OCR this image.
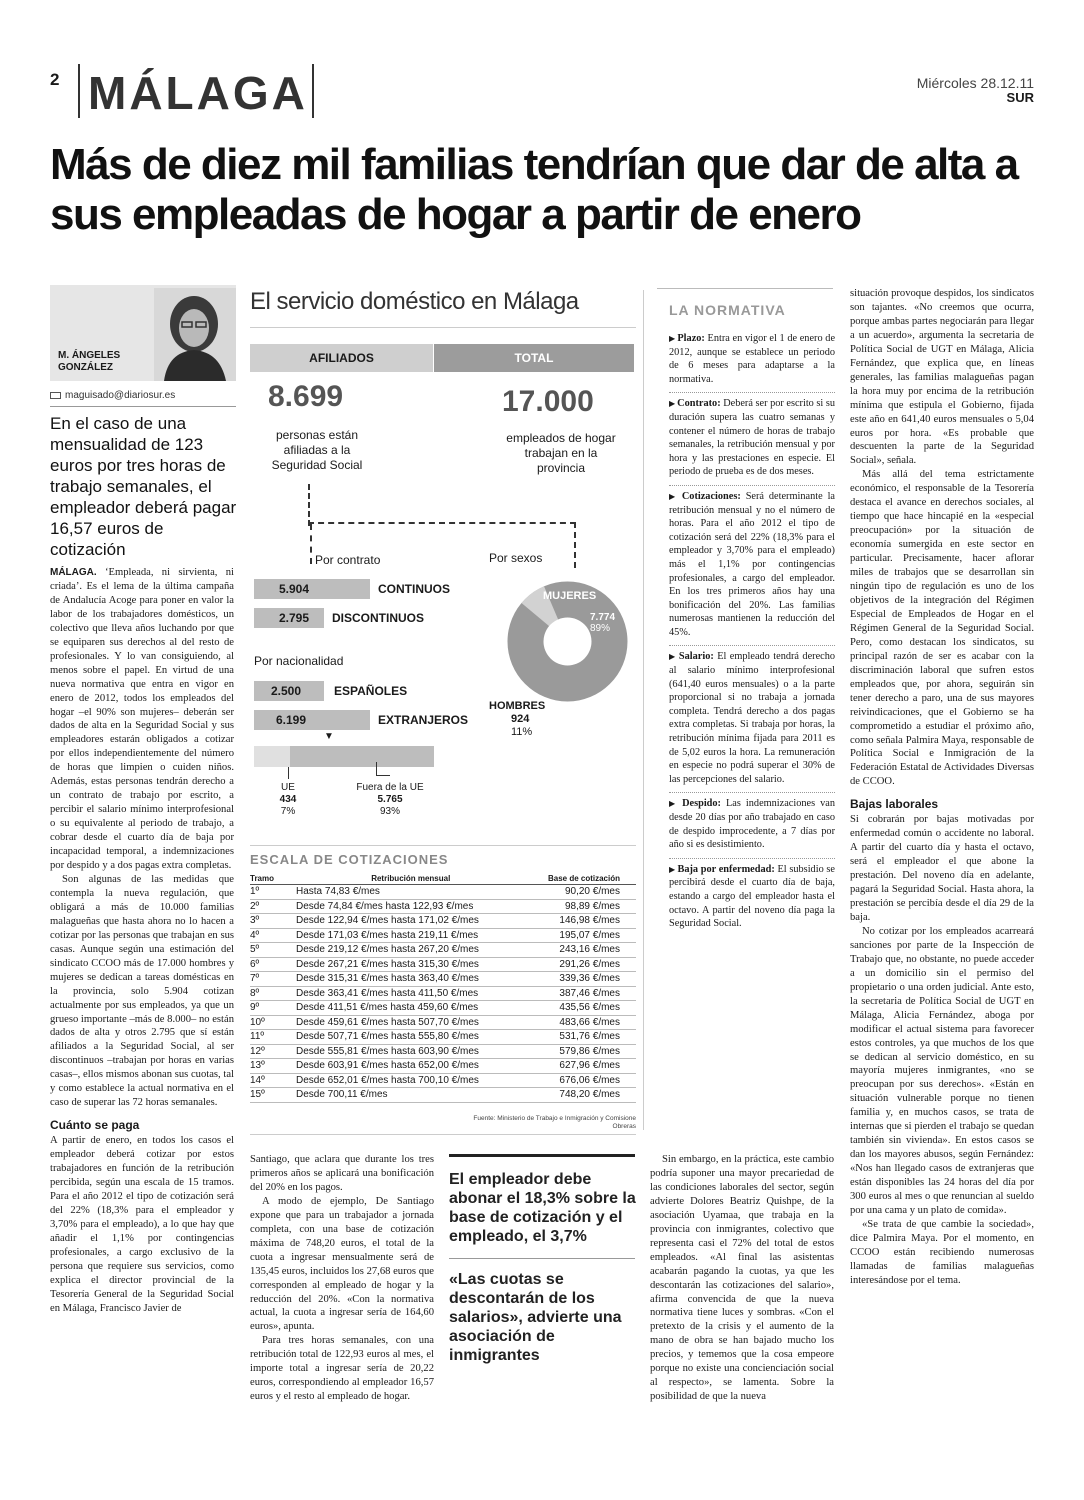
2 MÁLAGA	Miércoles 28.12.11
SUR
Más de diez mil familias tendrían que dar de alta a sus empleadas de hogar a partir de enero
M. ÁNGELES GONZÁLEZ
maguisado@diariosur.es
En el caso de una mensualidad de 123 euros por tres horas de trabajo semanales, el empleador deberá pagar 16,57 euros de cotización

MÁLAGA. ‘Empleada, ni sirvienta, ni criada’. Es el lema de la última campaña de Andalucía Acoge para poner en valor la labor de los trabajadores domésticos, un colectivo que lleva años luchando por que se equiparen sus derechos al del resto de profesionales. Y lo van consiguiendo, al menos sobre el papel. En virtud de una nueva normativa que entra en vigor en enero de 2012, todos los empleados del hogar –el 90% son mujeres– deberán ser dados de alta en la Seguridad Social y sus empleadores estarán obligados a cotizar por ellos independientemente del número de horas que limpien o cuiden niños. Además, estas personas tendrán derecho a un contrato de trabajo por escrito, a percibir el salario mínimo interprofesional o su equivalente al periodo de trabajo, a cobrar desde el cuarto día de baja por incapacidad temporal, a indemnizaciones por despido y a dos pagas extra completas.

Son algunas de las medidas que contempla la nueva regulación, que obligará a más de 10.000 familias malagueñas que hasta ahora no lo hacen a cotizar por las personas que trabajan en sus casas. Aunque según una estimación del sindicato CCOO más de 17.000 hombres y mujeres se dedican a tareas domésticas en la provincia, solo 5.904 cotizan actualmente por sus empleados, ya que un grueso importante –más de 8.000– no están dados de alta y otros 2.795 que sí están afiliados a la Seguridad Social, al ser discontinuos –trabajan por horas en varias casas–, ellos mismos abonan sus cuotas, tal y como establece la actual normativa en el caso de superar las 72 horas semanales.

Cuánto se paga

A partir de enero, en todos los casos el empleador deberá cotizar por estos trabajadores en función de la retribución percibida, según una escala de 15 tramos. Para el año 2012 el tipo de cotización será del 22% (18,3% para el empleador y 3,70% para el empleado), a lo que hay que añadir el 1,1% por contingencias profesionales, a cargo exclusivo de la persona que requiere sus servicios, como explica el director provincial de la Tesorería General de la Seguridad Social en Málaga, Francisco Javier de

El servicio doméstico en Málaga
AFILIADOS	TOTAL
8.699	17.000
personas están afiliadas a la Seguridad Social
empleados de hogar trabajan en la provincia
Por contrato	Por sexos
5.904	CONTINUOS
2.795 DISCONTINUOS
Por nacionalidad
2.500	ESPAÑOLES
6.199	EXTRANJEROS
▼
UE
434
7%
Fuera de la UE
5.765
93%
MUJERES
7.774
89%
HOMBRES
924
11%
ESCALA DE COTIZACIONES
Tramo	Retribución mensual	Base de cotización
1º	Hasta 74,83 €/mes	90,20 €/mes
2º	Desde 74,84 €/mes hasta 122,93 €/mes	98,89 €/mes
3º	Desde 122,94 €/mes hasta 171,02 €/mes	146,98 €/mes
4º	Desde 171,03 €/mes hasta 219,11 €/mes	195,07 €/mes
5º	Desde 219,12 €/mes hasta 267,20 €/mes	243,16 €/mes
6º	Desde 267,21 €/mes hasta 315,30 €/mes	291,26 €/mes
7º	Desde 315,31 €/mes hasta 363,40 €/mes	339,36 €/mes
8º	Desde 363,41 €/mes hasta 411,50 €/mes	387,46 €/mes
9º	Desde 411,51 €/mes hasta 459,60 €/mes	435,56 €/mes
10º	Desde 459,61 €/mes hasta 507,70 €/mes	483,66 €/mes
11º	Desde 507,71 €/mes hasta 555,80 €/mes	531,76 €/mes
12º	Desde 555,81 €/mes hasta 603,90 €/mes	579,86 €/mes
13º	Desde 603,91 €/mes hasta 652,00 €/mes	627,96 €/mes
14º	Desde 652,01 €/mes hasta 700,10 €/mes	676,06 €/mes
15º	Desde 700,11 €/mes	748,20 €/mes
Fuente: Ministerio de Trabajo e Inmigración y Comisione Obreras
LA NORMATIVA
▶ Plazo: Entra en vigor el 1 de enero de 2012, aunque se establece un periodo de 6 meses para adaptarse a la normativa.
▶ Contrato: Deberá ser por escrito si su duración supera las cuatro semanas y contener el número de horas de trabajo semanales, la retribución mensual y por hora y las prestaciones en especie. El periodo de prueba es de dos meses.
▶ Cotizaciones: Será determinante la retribución mensual y no el número de horas. Para el año 2012 el tipo de cotización será del 22% (18,3% para el empleador y 3,70% para el empleado) más el 1,1% por contingencias profesionales, a cargo del empleador. En los tres primeros años hay una bonificación del 20%. Las familias numerosas mantienen la reducción del 45%.
▶ Salario: El empleado tendrá derecho al salario mínimo interprofesional (641,40 euros mensuales) o a la parte proporcional si no trabaja a jornada completa. Tendrá derecho a dos pagas extra completas. Si trabaja por horas, la retribución mínima fijada para 2011 es de 5,02 euros la hora. La remuneración en especie no podrá superar el 30% de las percepciones del salario.
▶ Despido: Las indemnizaciones van desde 20 días por año trabajado en caso de despido improcedente, a 7 días por año si es desistimiento.
▶ Baja por enfermedad: El subsidio se percibirá desde el cuarto día de baja, estando a cargo del empleador hasta el octavo. A partir del noveno día paga la Seguridad Social.

Santiago, que aclara que durante los tres primeros años se aplicará una bonificación del 20% en los pagos.

A modo de ejemplo, De Santiago expone que para un trabajador a jornada completa, con una base de cotización máxima de 748,20 euros, el total de la cuota a ingresar mensualmente será de 135,45 euros, incluidos los 27,68 euros que corresponden al empleado de hogar y la reducción del 20%. «Con la normativa actual, la cuota a ingresar sería de 164,60 euros», apunta.

Para tres horas semanales, con una retribución total de 122,93 euros al mes, el importe total a ingresar sería de 20,22 euros, correspondiendo al empleador 16,57 euros y el resto al empleado de hogar.

El empleador debe abonar el 18,3% sobre la base de cotización y el empleado, el 3,7%
«Las cuotas se descontarán de los salarios», advierte una asociación de inmigrantes

Sin embargo, en la práctica, este cambio podría suponer una mayor precariedad de las condiciones laborales del sector, según advierte Dolores Beatriz Quishpe, de la asociación Uyamaa, que trabaja en la provincia con inmigrantes, colectivo que representa casi el 72% del total de estos empleados. «Al final las asistentas acabarán pagando la cuotas, ya que les descontarán las cotizaciones del salario», afirma convencida de que la nueva normativa tiene luces y sombras. «Con el pretexto de la crisis y el aumento de la mano de obra se han bajado mucho los precios, y tememos que la cosa empeore porque no existe una concienciación social al respecto», se lamenta. Sobre la posibilidad de que la nueva

situación provoque despidos, los sindicatos son tajantes. «No creemos que ocurra, porque ambas partes negociarán para llegar a un acuerdo», argumenta la secretaria de Política Social de UGT en Málaga, Alicia Fernández, que explica que, en líneas generales, las familias malagueñas pagan la hora muy por encima de la retribución mínima que estipula el Gobierno, fijada este año en 641,40 euros mensuales o 5,04 euros por hora. «Es probable que descuenten la parte de la Seguridad Social», señala.

Más allá del tema estrictamente económico, el responsable de la Tesorería destaca el avance en derechos sociales, al tiempo que hace hincapié en la «especial preocupación» por la situación de economía sumergida en este sector en particular. Precisamente, hacer aflorar miles de trabajos que se desarrollan sin ningún tipo de regulación es uno de los objetivos de la integración del Régimen Especial de Empleados de Hogar en el Régimen General de la Seguridad Social. Pero, como destacan los sindicatos, su principal razón de ser es acabar con la discriminación laboral que sufren estos empleados que, por ahora, seguirán sin tener derecho a paro, una de sus mayores reivindicaciones, que el Gobierno se ha comprometido a estudiar el próximo año, como señala Palmira Maya, responsable de Política Social e Inmigración de la Federación Estatal de Actividades Diversas de CCOO.

Bajas laborales

Si cobrarán por bajas motivadas por enfermedad común o accidente no laboral. A partir del cuarto día y hasta el octavo, será el empleador el que abone la prestación. Del noveno día en adelante, pagará la Seguridad Social. Hasta ahora, la prestación se percibía desde el día 29 de la baja.

No cotizar por los empleados acarreará sanciones por parte de la Inspección de Trabajo que, no obstante, no puede acceder a un domicilio sin el permiso del propietario o una orden judicial. Ante esto, la secretaria de Política Social de UGT en Málaga, Alicia Fernández, aboga por modificar el actual sistema para favorecer estos controles, ya que muchos de los que se dedican al servicio doméstico, en su mayoría mujeres inmigrantes, «no se preocupan por sus derechos». «Están en situación vulnerable porque no tienen familia y, en muchos casos, se trata de internas que si pierden el trabajo se quedan también sin vivienda». En estos casos se dan los mayores abusos, según Fernández: «Nos han llegado casos de extranjeras que están disponibles las 24 horas del día por 300 euros al mes o que renuncian al sueldo por una cama y un plato de comida».

«Se trata de que cambie la sociedad», dice Palmira Maya. Por el momento, en CCOO están recibiendo numerosas llamadas de familias malagueñas interesándose por el tema.
